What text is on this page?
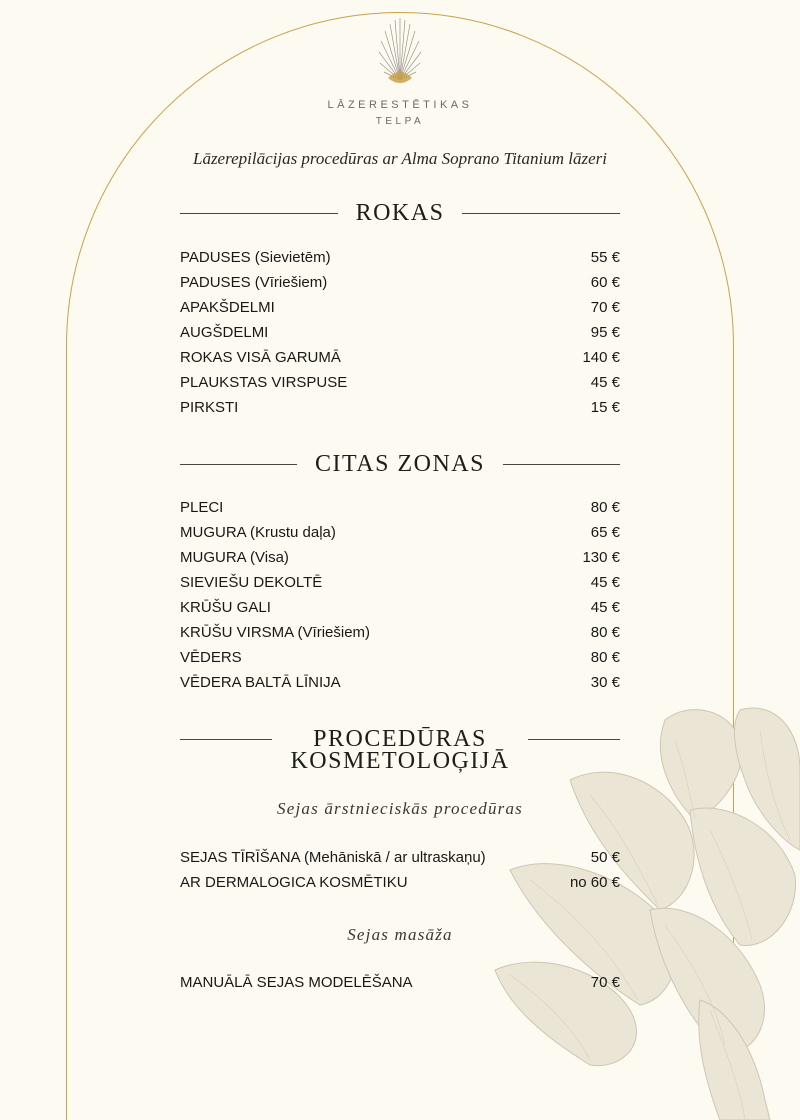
LĀZERESTĒTIKAS
TELPA
Lāzerepilācijas procedūras ar Alma Soprano Titanium lāzeri
ROKAS
PADUSES (Sievietēm)	55 €
PADUSES (Vīriešiem)	60 €
APAKŠDELMI	70 €
AUGŠDELMI	95 €
ROKAS VISĀ GARUMĀ	140 €
PLAUKSTAS VIRSPUSE	45 €
PIRKSTI	15 €
CITAS ZONAS
PLECI	80 €
MUGURA (Krustu daļa)	65 €
MUGURA (Visa)	130 €
SIEVIEŠU DEKOLTĒ	45 €
KRŪŠU GALI	45 €
KRŪŠU VIRSMA (Vīriešiem)	80 €
VĒDERS	80 €
VĒDERA BALTĀ LĪNIJA	30 €
PROCEDŪRAS
KOSMETOLOĢIJĀ
Sejas ārstnieciskās procedūras
SEJAS TĪRĪŠANA (Mehāniskā / ar ultraskaņu)	50 €
AR DERMALOGICA KOSMĒTIKU	no 60 €
Sejas masāža
MANUĀLĀ SEJAS MODELĒŠANA	70 €
